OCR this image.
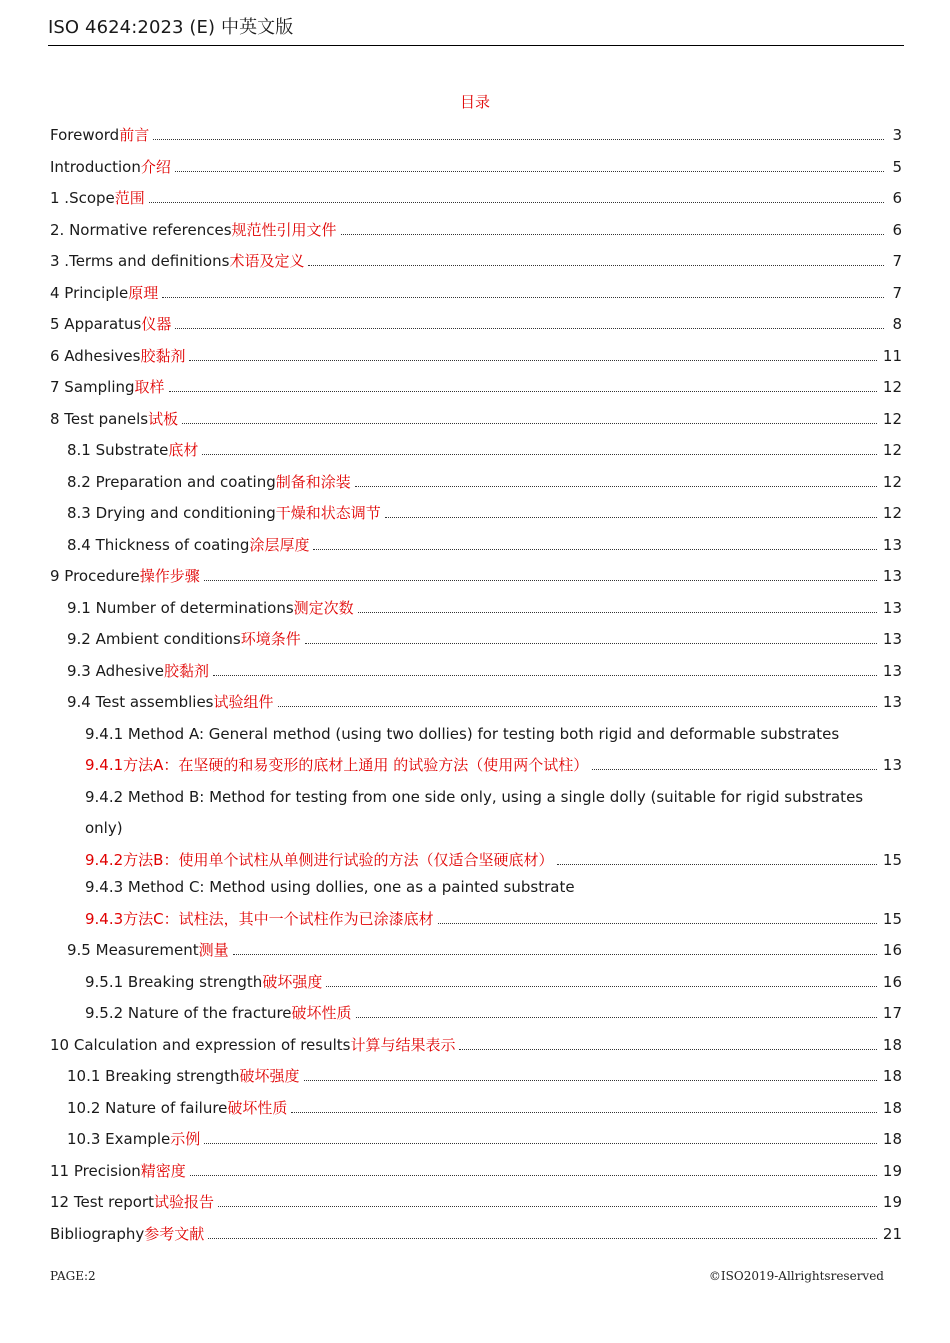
ISO 4624:2023 (E) 中英文版
目录
Foreword 前言	3
Introduction 介绍	5
1 .Scope 范围	6
2. Normative references 规范性引用文件	6
3 .Terms and definitions 术语及定义	7
4 Principle 原理	7
5 Apparatus 仪器	8
6 Adhesives 胶黏剂	11
7 Sampling 取样	12
8 Test panels 试板	12
8.1 Substrate 底材	12
8.2 Preparation and coating 制备和涂装	12
8.3 Drying and conditioning 干燥和状态调节	12
8.4 Thickness of coating 涂层厚度	13
9 Procedure 操作步骤	13
9.1 Number of determinations 测定次数	13
9.2 Ambient conditions 环境条件	13
9.3 Adhesive 胶黏剂	13
9.4 Test assemblies 试验组件	13
9.4.1 Method A: General method (using two dollies) for testing both rigid and deformable substrates
9.4.1方法A：在坚硬的和易变形的底材上通用 的试验方法（使用两个试柱）	13
9.4.2 Method B: Method for testing from one side only, using a single dolly (suitable for rigid substrates
only)
9.4.2方法B：使用单个试柱从单侧进行试验的方法（仅适合坚硬底材）	15
9.4.3 Method C: Method using dollies, one as a painted substrate
9.4.3方法C：试柱法，其中一个试柱作为已涂漆底材	15
9.5 Measurement 测量	16
9.5.1 Breaking strength 破坏强度	16
9.5.2 Nature of the fracture 破坏性质	17
10 Calculation and expression of results 计算与结果表示	18
10.1 Breaking strength 破坏强度	18
10.2 Nature of failure 破坏性质	18
10.3 Example 示例	18
11 Precision 精密度	19
12 Test report 试验报告	19
Bibliography 参考文献	21
PAGE:2	©ISO2019-Allrightsreserved
